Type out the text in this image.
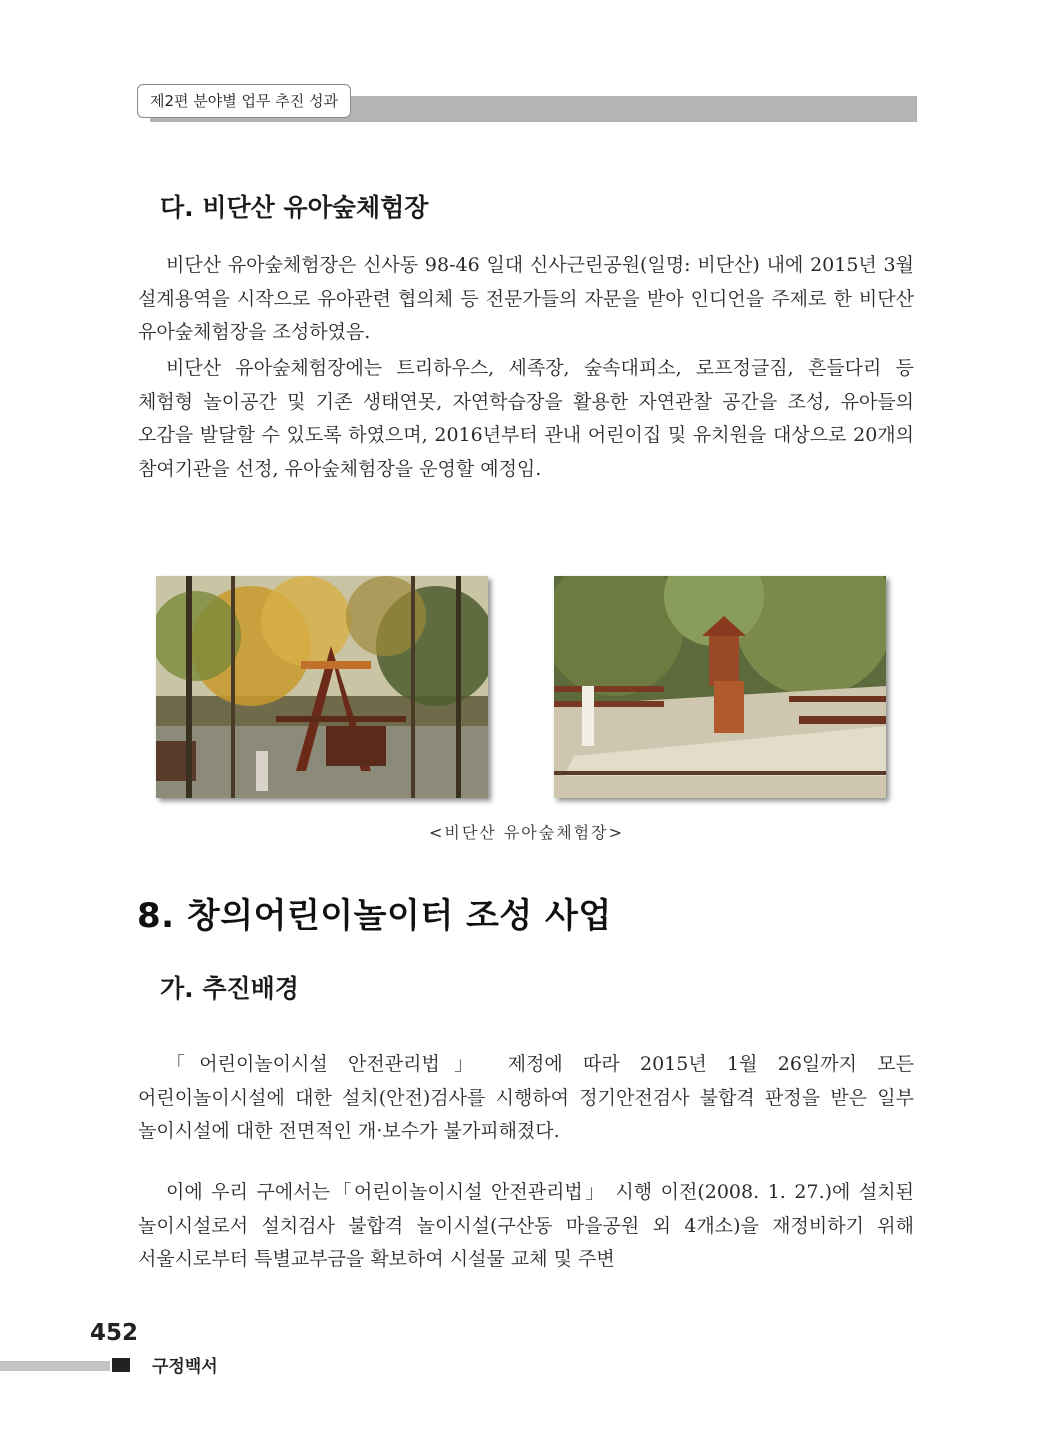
제2편 분야별 업무 추진 성과
다. 비단산 유아숲체험장

비단산 유아숲체험장은 신사동 98-46 일대 신사근린공원(일명: 비단산) 내에 2015년 3월 설계용역을 시작으로 유아관련 협의체 등 전문가들의 자문을 받아 인디언을 주제로 한 비단산 유아숲체험장을 조성하였음.

비단산 유아숲체험장에는 트리하우스, 세족장, 숲속대피소, 로프정글짐, 흔들다리 등 체험형 놀이공간 및 기존 생태연못, 자연학습장을 활용한 자연관찰 공간을 조성, 유아들의 오감을 발달할 수 있도록 하였으며, 2016년부터 관내 어린이집 및 유치원을 대상으로 20개의 참여기관을 선정, 유아숲체험장을 운영할 예정임.

<비단산 유아숲체험장>
8. 창의어린이놀이터 조성 사업
가. 추진배경

「어린이놀이시설 안전관리법」 제정에 따라 2015년 1월 26일까지 모든 어린이놀이시설에 대한 설치(안전)검사를 시행하여 정기안전검사 불합격 판정을 받은 일부 놀이시설에 대한 전면적인 개·보수가 불가피해졌다.

이에 우리 구에서는「어린이놀이시설 안전관리법」 시행 이전(2008. 1. 27.)에 설치된 놀이시설로서 설치검사 불합격 놀이시설(구산동 마을공원 외 4개소)을 재정비하기 위해 서울시로부터 특별교부금을 확보하여 시설물 교체 및 주변

452
구정백서
